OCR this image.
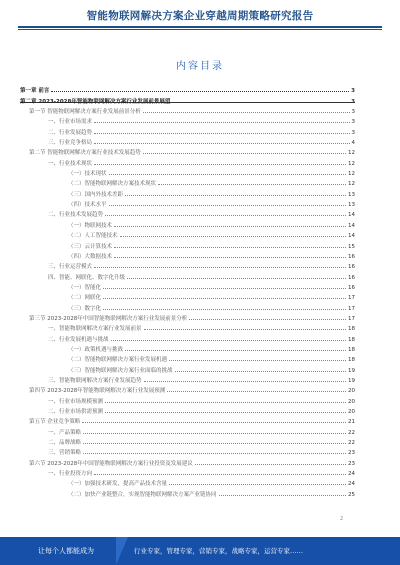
智能物联网解决方案企业穿越周期策略研究报告
内容目录
第一章 前言	3
第二章 2023-2028年智能物联网解决方案行业发展前景展望	3
第一节 智能物联网解决方案行业发展前景分析	3
一、行业市场需求	3
二、行业发展趋势	3
三、行业竞争格局	4
第二节 智能物联网解决方案行业技术发展趋势	12
一、行业技术现状	12
（一）技术现状	12
（二）智能物联网解决方案技术现状	12
（三）国内外技术差距	13
（四）技术水平	13
二、行业技术发展趋势	14
（一）物联网技术	14
（二）人工智能技术	14
（三）云计算技术	15
（四）大数据技术	16
三、行业运营模式	16
四、智能、网联化、数字化升级	16
（一）智能化	16
（二）网联化	17
（三）数字化	17
第三节 2023-2028年中国智能物联网解决方案行业发展前景分析	17
一、智能物联网解决方案行业发展前景	18
二、行业发展机遇与挑战	18
（一）政策机遇与挑战	18
（二）智能物联网解决方案行业发展机遇	18
（三）智能物联网解决方案行业面临的挑战	19
三、智能物联网解决方案行业发展趋势	19
第四节 2023-2028年智能物联网解决方案行业发展预测	20
一、行业市场规模预测	20
二、行业市场供需预测	20
第五节 企业竞争策略	21
一、产品策略	22
二、品牌战略	22
三、营销策略	23
第六节 2023-2028年中国智能物联网解决方案行业投资及发展建议	23
一、行业投资方向	24
（一）加强技术研发，提高产品技术含量	24
（二）加快产业链整合，实现智能物联网解决方案产业链协同	25
2
让每个人都能成为	行业专家，管理专家，营销专家，战略专家，运营专家……
